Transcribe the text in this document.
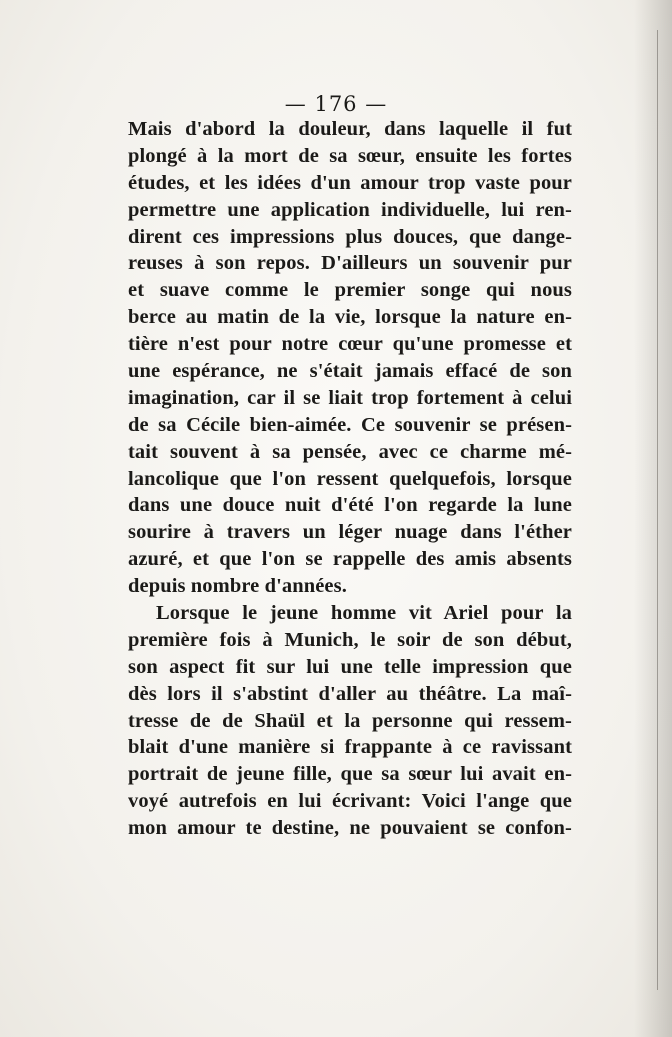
— 176 —
Mais d'abord la douleur, dans laquelle il fut
plongé à la mort de sa sœur, ensuite les fortes
études, et les idées d'un amour trop vaste pour
permettre une application individuelle, lui ren-
dirent ces impressions plus douces, que dange-
reuses à son repos. D'ailleurs un souvenir pur
et suave comme le premier songe qui nous
berce au matin de la vie, lorsque la nature en-
tière n'est pour notre cœur qu'une promesse et
une espérance, ne s'était jamais effacé de son
imagination, car il se liait trop fortement à celui
de sa Cécile bien-aimée. Ce souvenir se présen-
tait souvent à sa pensée, avec ce charme mé-
lancolique que l'on ressent quelquefois, lorsque
dans une douce nuit d'été l'on regarde la lune
sourire à travers un léger nuage dans l'éther
azuré, et que l'on se rappelle des amis absents
depuis nombre d'années.
Lorsque le jeune homme vit Ariel pour la
première fois à Munich, le soir de son début,
son aspect fit sur lui une telle impression que
dès lors il s'abstint d'aller au théâtre. La maî-
tresse de de Shaül et la personne qui ressem-
blait d'une manière si frappante à ce ravissant
portrait de jeune fille, que sa sœur lui avait en-
voyé autrefois en lui écrivant: Voici l'ange que
mon amour te destine, ne pouvaient se confon-
